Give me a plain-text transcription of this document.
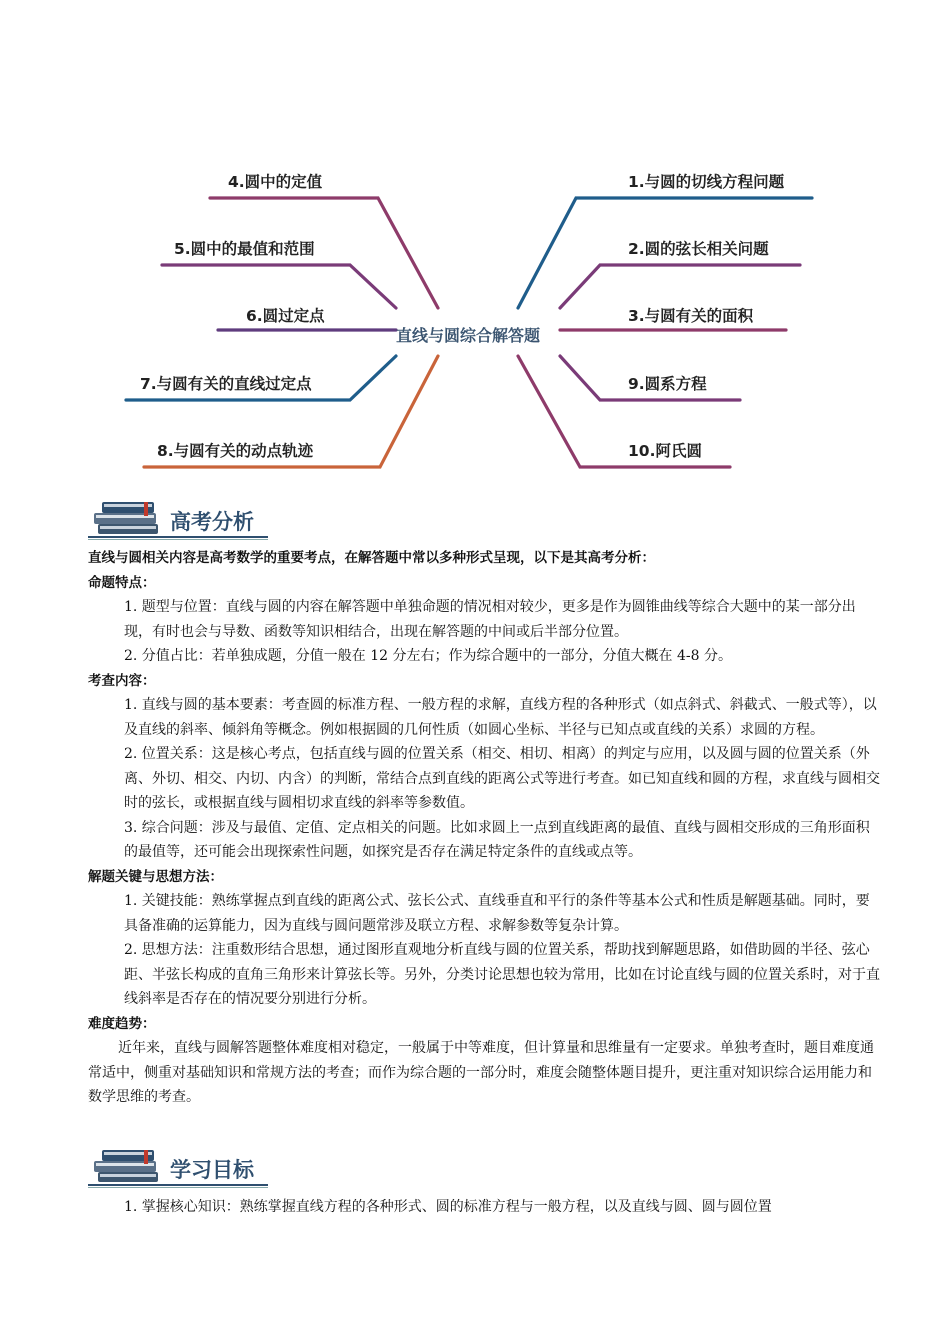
直线与圆综合解答题
4.圆中的定值
5.圆中的最值和范围
6.圆过定点
7.与圆有关的直线过定点
8.与圆有关的动点轨迹
1.与圆的切线方程问题
2.圆的弦长相关问题
3.与圆有关的面积
9.圆系方程
10.阿氏圆
高考分析

直线与圆相关内容是高考数学的重要考点，在解答题中常以多种形式呈现，以下是其高考分析：

命题特点：

1. 题型与位置：直线与圆的内容在解答题中单独命题的情况相对较少，更多是作为圆锥曲线等综合大题中的某一部分出现，有时也会与导数、函数等知识相结合，出现在解答题的中间或后半部分位置。

2. 分值占比：若单独成题，分值一般在 12 分左右；作为综合题中的一部分，分值大概在 4-8 分。

考查内容：

1. 直线与圆的基本要素：考查圆的标准方程、一般方程的求解，直线方程的各种形式（如点斜式、斜截式、一般式等），以及直线的斜率、倾斜角等概念。例如根据圆的几何性质（如圆心坐标、半径与已知点或直线的关系）求圆的方程。

2. 位置关系：这是核心考点，包括直线与圆的位置关系（相交、相切、相离）的判定与应用，以及圆与圆的位置关系（外离、外切、相交、内切、内含）的判断，常结合点到直线的距离公式等进行考查。如已知直线和圆的方程，求直线与圆相交时的弦长，或根据直线与圆相切求直线的斜率等参数值。

3. 综合问题：涉及与最值、定值、定点相关的问题。比如求圆上一点到直线距离的最值、直线与圆相交形成的三角形面积的最值等，还可能会出现探索性问题，如探究是否存在满足特定条件的直线或点等。

解题关键与思想方法：

1. 关键技能：熟练掌握点到直线的距离公式、弦长公式、直线垂直和平行的条件等基本公式和性质是解题基础。同时，要具备准确的运算能力，因为直线与圆问题常涉及联立方程、求解参数等复杂计算。

2. 思想方法：注重数形结合思想，通过图形直观地分析直线与圆的位置关系，帮助找到解题思路，如借助圆的半径、弦心距、半弦长构成的直角三角形来计算弦长等。另外，分类讨论思想也较为常用，比如在讨论直线与圆的位置关系时，对于直线斜率是否存在的情况要分别进行分析。

难度趋势：

近年来，直线与圆解答题整体难度相对稳定，一般属于中等难度，但计算量和思维量有一定要求。单独考查时，题目难度通常适中，侧重对基础知识和常规方法的考查；而作为综合题的一部分时，难度会随整体题目提升，更注重对知识综合运用能力和数学思维的考查。

学习目标

1. 掌握核心知识：熟练掌握直线方程的各种形式、圆的标准方程与一般方程，以及直线与圆、圆与圆位置
